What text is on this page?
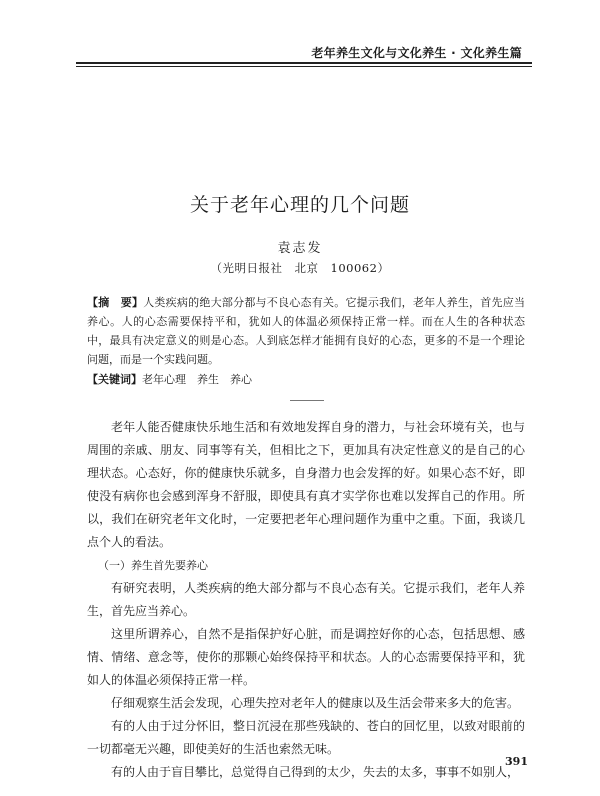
老年养生文化与文化养生 · 文化养生篇
关于老年心理的几个问题
袁志发
（光明日报社　北京　100062）
【摘　要】人类疾病的绝大部分都与不良心态有关。它提示我们，老年人养生，首先应当养心。人的心态需要保持平和，犹如人的体温必须保持正常一样。而在人生的各种状态中，最具有决定意义的则是心态。人到底怎样才能拥有良好的心态，更多的不是一个理论问题，而是一个实践问题。
【关键词】老年心理　养生　养心

老年人能否健康快乐地生活和有效地发挥自身的潜力，与社会环境有关，也与周围的亲戚、朋友、同事等有关，但相比之下，更加具有决定性意义的是自己的心理状态。心态好，你的健康快乐就多，自身潜力也会发挥的好。如果心态不好，即使没有病你也会感到浑身不舒服，即使具有真才实学你也难以发挥自己的作用。所以，我们在研究老年文化时，一定要把老年心理问题作为重中之重。下面，我谈几点个人的看法。

（一）养生首先要养心

有研究表明，人类疾病的绝大部分都与不良心态有关。它提示我们，老年人养生，首先应当养心。

这里所谓养心，自然不是指保护好心脏，而是调控好你的心态，包括思想、感情、情绪、意念等，使你的那颗心始终保持平和状态。人的心态需要保持平和，犹如人的体温必须保持正常一样。

仔细观察生活会发现，心理失控对老年人的健康以及生活会带来多大的危害。

有的人由于过分怀旧，整日沉浸在那些残缺的、苍白的回忆里，以致对眼前的一切都毫无兴趣，即使美好的生活也索然无味。

有的人由于盲目攀比，总觉得自己得到的太少，失去的太多，事事不如别人，

391
